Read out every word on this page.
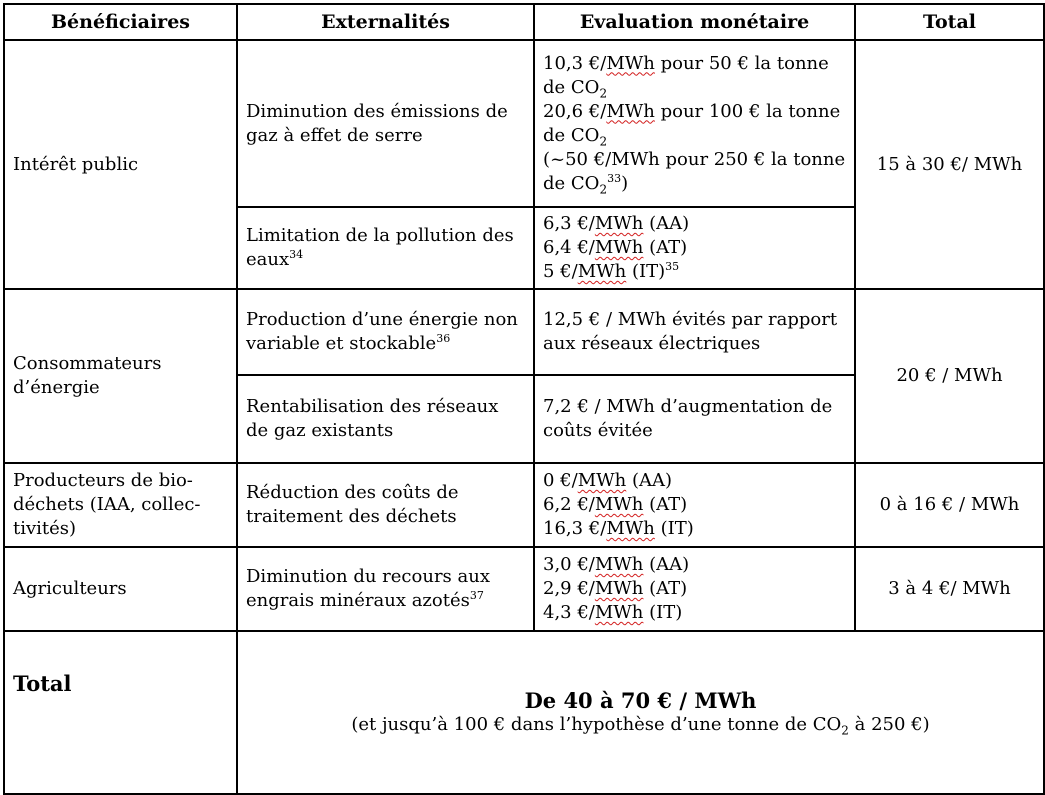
Bénéficiaires	Externalités	Evaluation monétaire	Total
Intérêt public	Diminution des émissions de gaz à effet de serre	10,3 €/MWh pour 50 € la tonne de $CO_2$
20,6 €/MWh pour 100 € la tonne de $CO_2$
(~50 €/MWh pour 250 € la tonne de $CO_2^{33}$)	15 à 30 €/ MWh
	Limitation de la pollution des eaux$^{34}$	6,3 €/MWh (AA)
6,4 €/MWh (AT)
5 €/MWh (IT)$^{35}$

Consommateurs d’énergie	Production d’une énergie non variable et stockable$^{36}$	12,5 € / MWh évités par rapport aux réseaux électriques	20 € / MWh
	Rentabilisation des réseaux de gaz existants	7,2 € / MWh d’augmentation de coûts évitée	
Producteurs de bio-déchets (IAA, collec-tivités)	Réduction des coûts de traitement des déchets	0 €/MWh (AA)
6,2 €/MWh (AT)
16,3 €/MWh (IT)	0 à 16 € / MWh
Agriculteurs	Diminution du recours aux engrais minéraux azotés$^{37}$	3,0 €/MWh (AA)
2,9 €/MWh (AT)
4,3 €/MWh (IT)	3 à 4 €/ MWh
Total	De 40 à 70 € / MWh
(et jusqu’à 100 € dans l’hypothèse d’une tonne de $CO_2$ à 250 €)		
